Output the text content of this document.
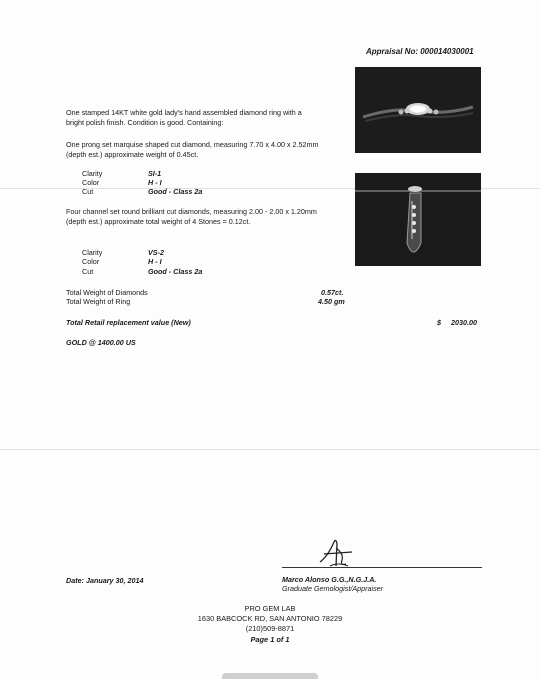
Appraisal No: 000014030001
One stamped 14KT white gold lady's hand assembled diamond ring with a bright polish finish. Condition is good. Containing:
One prong set marquise shaped cut diamond, measuring 7.70 x 4.00 x 2.52mm (depth est.) approximate weight of 0.45ct.
Clarity	SI-1
Color	H - I
Cut	Good - Class 2a
Four channel set round brilliant cut diamonds, measuring 2.00 - 2.00 x 1.20mm (depth est.) approximate total weight of 4 Stones = 0.12ct.
Clarity	VS-2
Color	H - I
Cut	Good - Class 2a
Total Weight of Diamonds	0.57ct.
Total Weight of Ring	4.50 gm
Total Retail replacement value (New)	$ 2030.00
GOLD @ 1400.00 US
Date: January 30, 2014	Marco Alonso G.G.,N.G.J.A.
Graduate Gemologist/Appraiser
PRO GEM LAB
1630 BABCOCK RD, SAN ANTONIO 78229
(210)509-8871
Page 1 of 1
